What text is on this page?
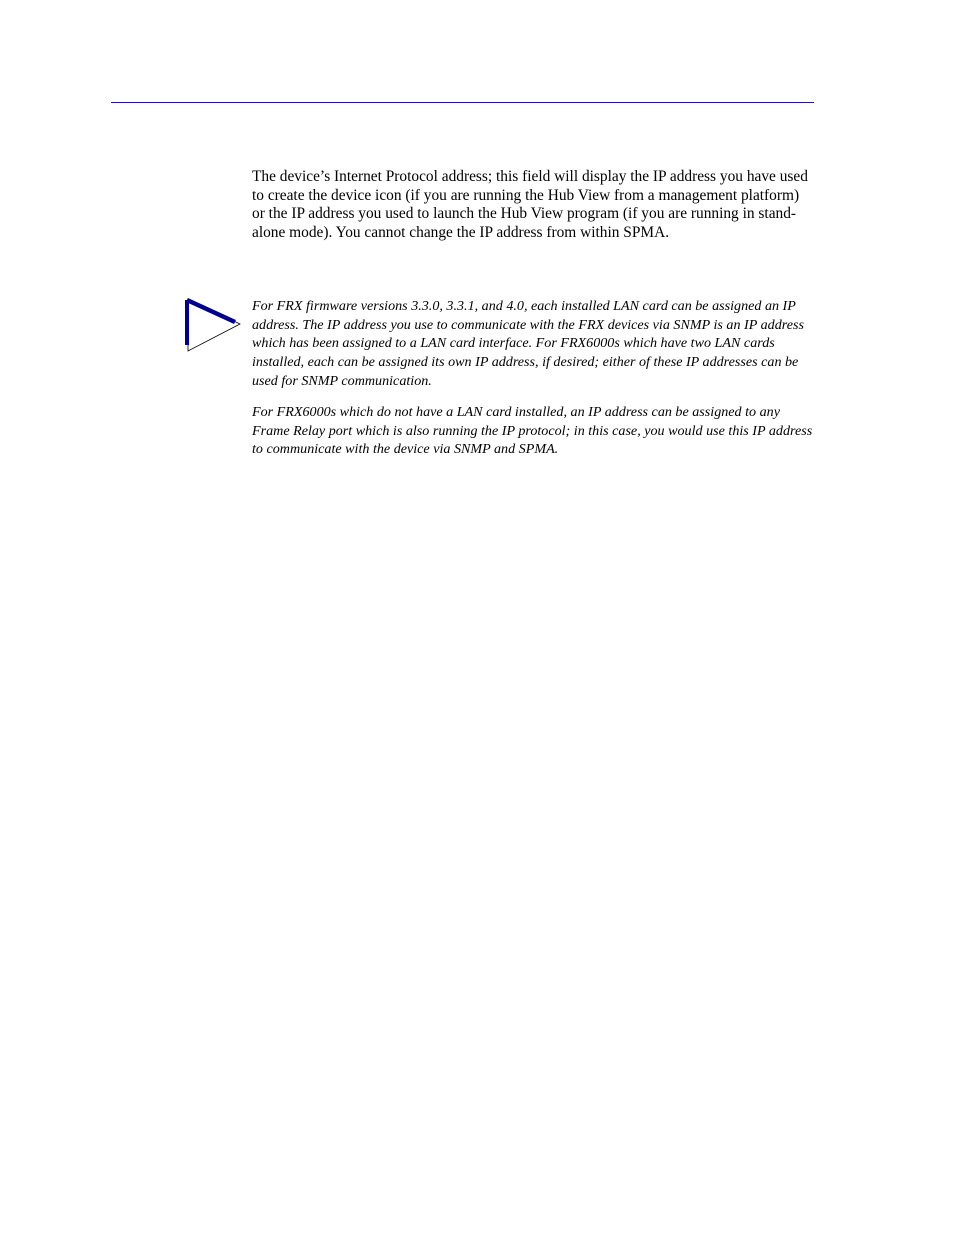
The device’s Internet Protocol address; this field will display the IP address you have used to create the device icon (if you are running the Hub View from a management platform) or the IP address you used to launch the Hub View program (if you are running in stand-alone mode). You cannot change the IP address from within SPMA.

For FRX firmware versions 3.3.0, 3.3.1, and 4.0, each installed LAN card can be assigned an IP address. The IP address you use to communicate with the FRX devices via SNMP is an IP address which has been assigned to a LAN card interface. For FRX6000s which have two LAN cards installed, each can be assigned its own IP address, if desired; either of these IP addresses can be used for SNMP communication.

For FRX6000s which do not have a LAN card installed, an IP address can be assigned to any Frame Relay port which is also running the IP protocol; in this case, you would use this IP address to communicate with the device via SNMP and SPMA.
